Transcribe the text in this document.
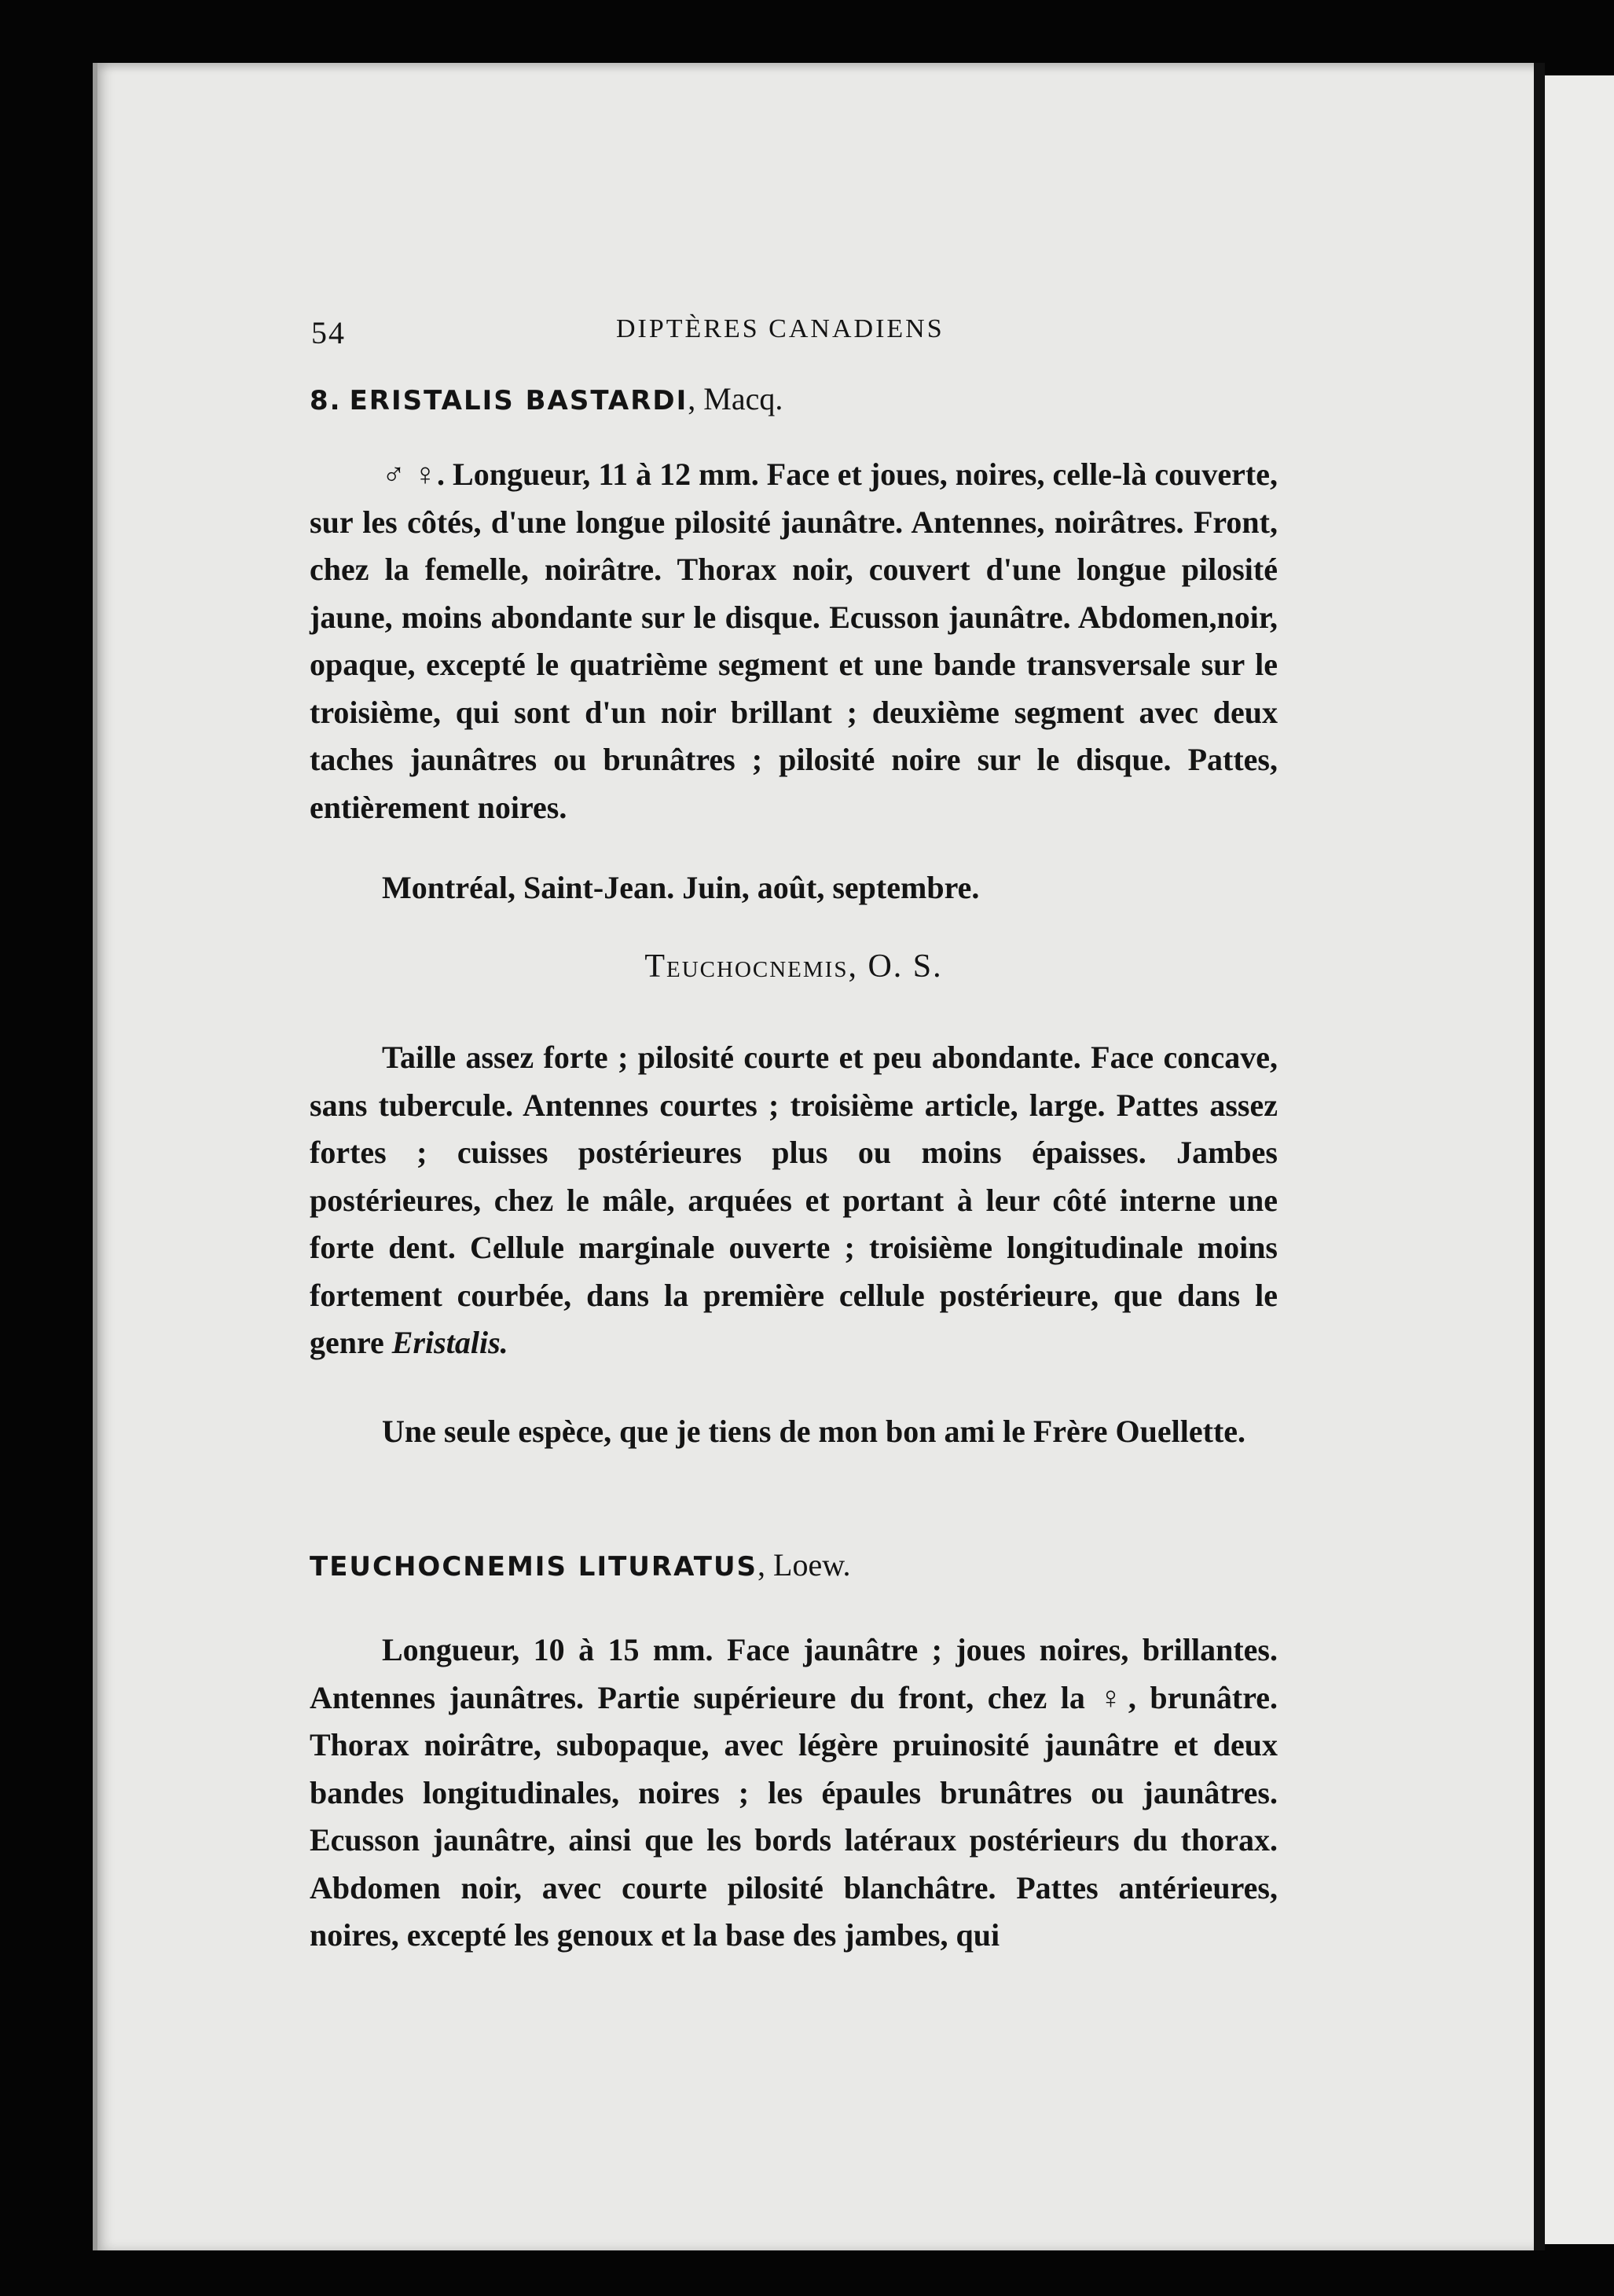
54	DIPTÈRES CANADIENS
8. ERISTALIS BASTARDI, Macq.

♂ ♀. Longueur, 11 à 12 mm. Face et joues, noires, celle-là couverte, sur les côtés, d'une longue pilosité jaunâtre. Antennes, noirâtres. Front, chez la femelle, noirâtre. Thorax noir, couvert d'une longue pilosité jaune, moins abondante sur le disque. Ecusson jaunâtre. Abdomen,noir, opaque, excepté le quatrième segment et une bande transversale sur le troisième, qui sont d'un noir brillant ; deuxième segment avec deux taches jaunâtres ou brunâtres ; pilosité noire sur le disque. Pattes, entièrement noires.

Montréal, Saint-Jean. Juin, août, septembre.
Teuchocnemis, O. S.

Taille assez forte ; pilosité courte et peu abondante. Face concave, sans tubercule. Antennes courtes ; troisième article, large. Pattes assez fortes ; cuisses postérieures plus ou moins épaisses. Jambes postérieures, chez le mâle, arquées et portant à leur côté interne une forte dent. Cellule marginale ouverte ; troisième longitudinale moins fortement courbée, dans la première cellule postérieure, que dans le genre Eristalis.

Une seule espèce, que je tiens de mon bon ami le Frère Ouellette.

TEUCHOCNEMIS LITURATUS, Loew.

Longueur, 10 à 15 mm. Face jaunâtre ; joues noires, brillantes. Antennes jaunâtres. Partie supérieure du front, chez la ♀, brunâtre. Thorax noirâtre, subopaque, avec légère pruinosité jaunâtre et deux bandes longitudinales, noires ; les épaules brunâtres ou jaunâtres. Ecusson jaunâtre, ainsi que les bords latéraux postérieurs du thorax. Abdomen noir, avec courte pilosité blanchâtre. Pattes antérieures, noires, excepté les genoux et la base des jambes, qui
